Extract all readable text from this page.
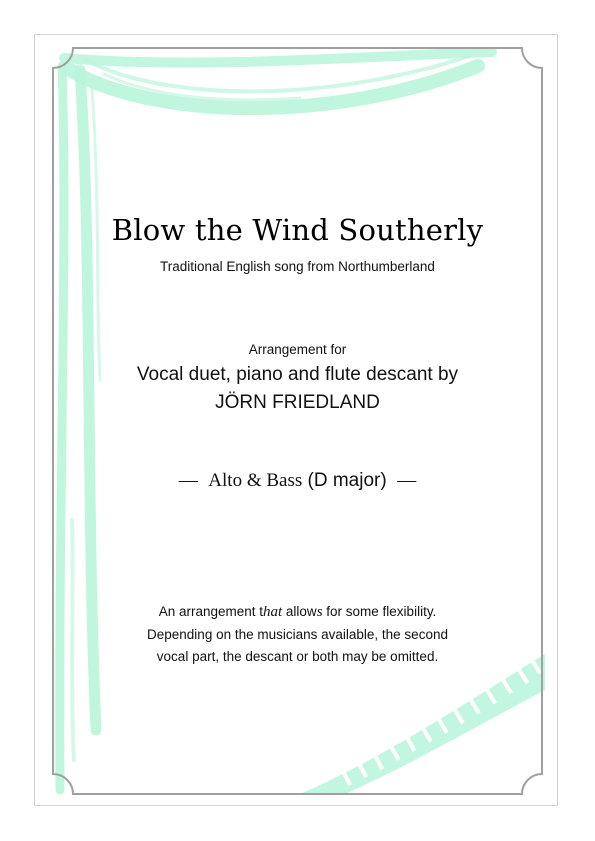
Blow the Wind Southerly
Traditional English song from Northumberland
Arrangement for
Vocal duet, piano and flute descant by
JÖRN FRIEDLAND
— Alto & Bass (D major) —
An arrangement that allows for some flexibility.
Depending on the musicians available, the second
vocal part, the descant or both may be omitted.
